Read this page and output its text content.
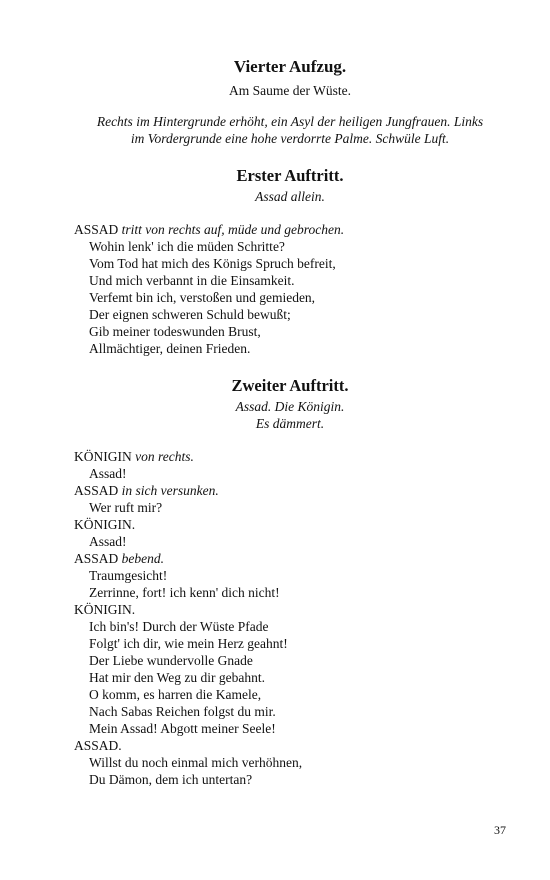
Vierter Aufzug.
Am Saume der Wüste.
Rechts im Hintergrunde erhöht, ein Asyl der heiligen Jungfrauen. Links
im Vordergrunde eine hohe verdorrte Palme. Schwüle Luft.
Erster Auftritt.
Assad allein.
ASSAD tritt von rechts auf, müde und gebrochen.
Wohin lenk' ich die müden Schritte?
Vom Tod hat mich des Königs Spruch befreit,
Und mich verbannt in die Einsamkeit.
Verfemt bin ich, verstoßen und gemieden,
Der eignen schweren Schuld bewußt;
Gib meiner todeswunden Brust,
Allmächtiger, deinen Frieden.
Zweiter Auftritt.
Assad. Die Königin.
Es dämmert.
KÖNIGIN von rechts.
Assad!
ASSAD in sich versunken.
Wer ruft mir?
KÖNIGIN.
Assad!
ASSAD bebend.
Traumgesicht!
Zerrinne, fort! ich kenn' dich nicht!
KÖNIGIN.
Ich bin's! Durch der Wüste Pfade
Folgt' ich dir, wie mein Herz geahnt!
Der Liebe wundervolle Gnade
Hat mir den Weg zu dir gebahnt.
O komm, es harren die Kamele,
Nach Sabas Reichen folgst du mir.
Mein Assad! Abgott meiner Seele!
ASSAD.
Willst du noch einmal mich verhöhnen,
Du Dämon, dem ich untertan?
37
